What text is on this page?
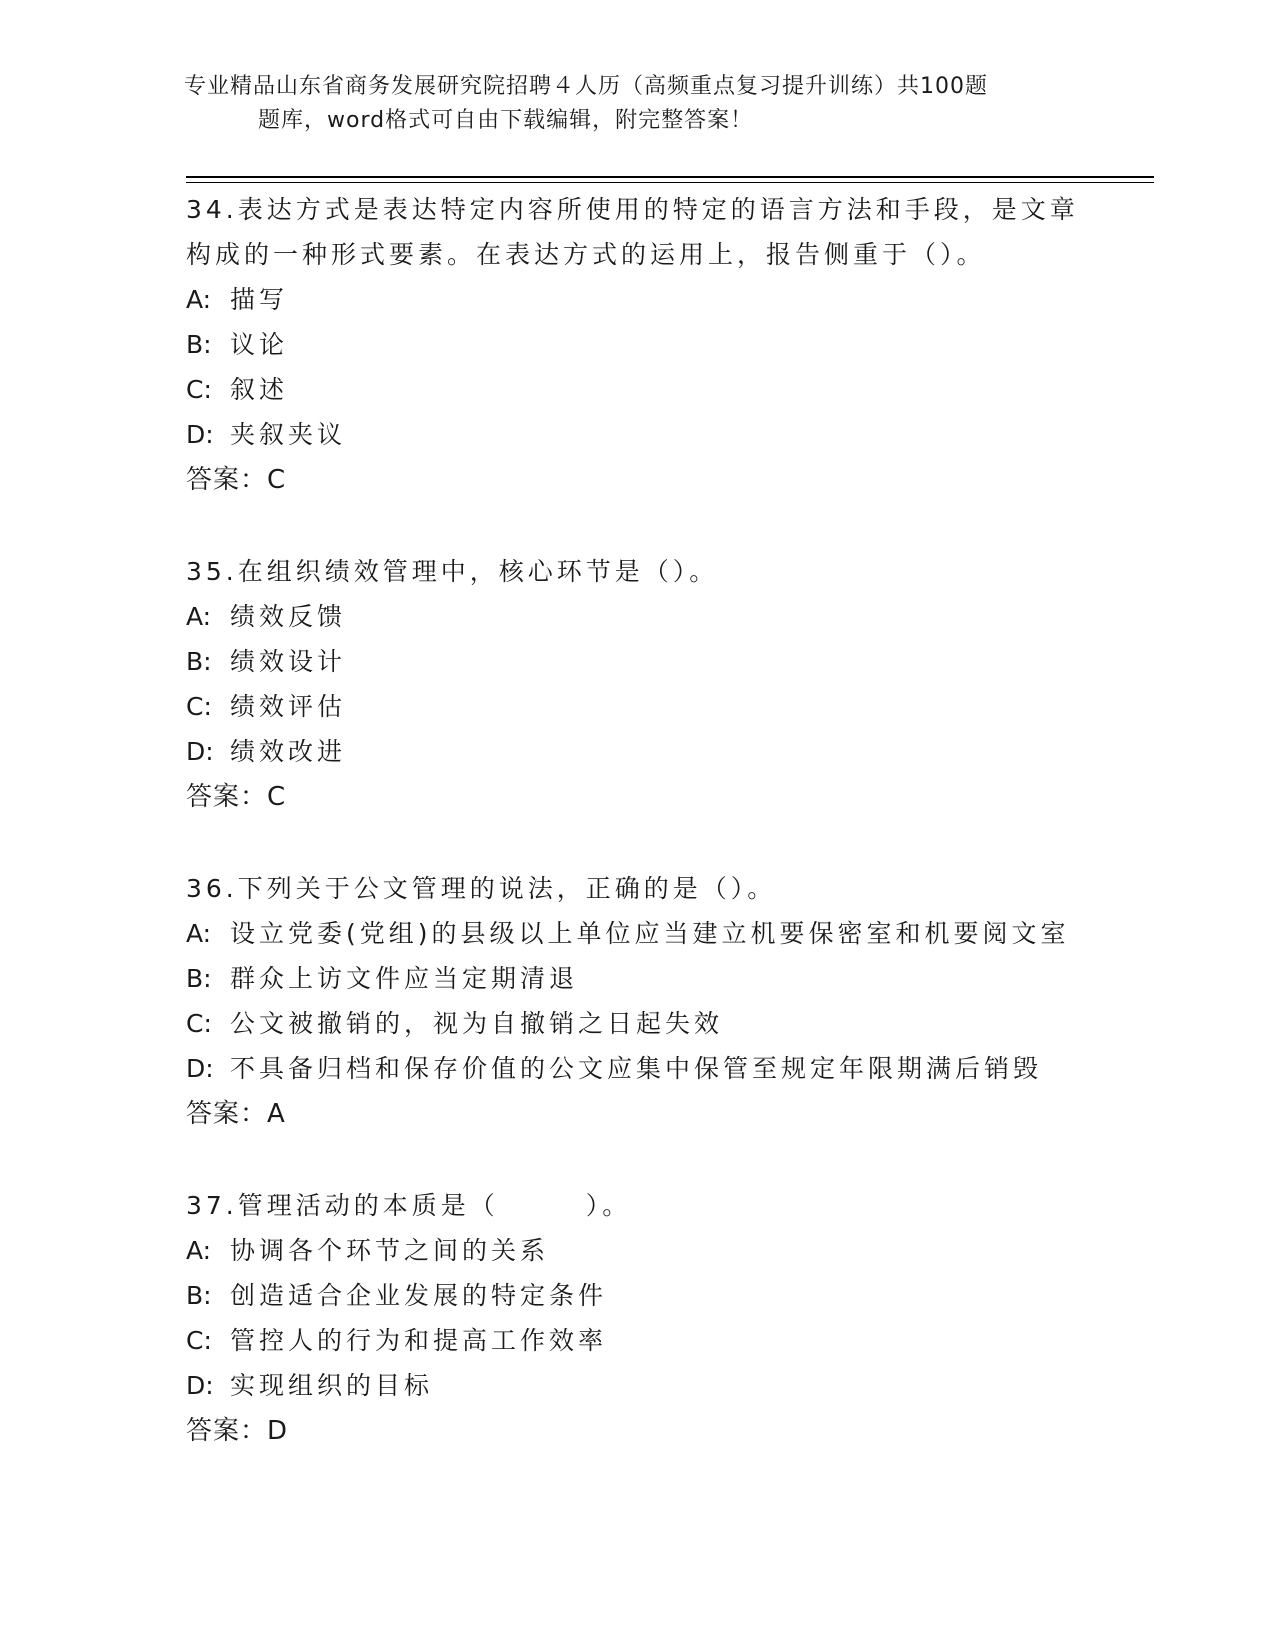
专业精品山东省商务发展研究院招聘４人历（高频重点复习提升训练）共100题
题库，word格式可自由下载编辑，附完整答案！
34.表达方式是表达特定内容所使用的特定的语言方法和手段，是文章
构成的一种形式要素。在表达方式的运用上，报告侧重于（）。
A: 描写
B: 议论
C: 叙述
D: 夹叙夹议
答案：C
35.在组织绩效管理中，核心环节是（）。
A: 绩效反馈
B: 绩效设计
C: 绩效评估
D: 绩效改进
答案：C
36.下列关于公文管理的说法，正确的是（）。
A: 设立党委(党组)的县级以上单位应当建立机要保密室和机要阅文室
B: 群众上访文件应当定期清退
C: 公文被撤销的，视为自撤销之日起失效
D: 不具备归档和保存价值的公文应集中保管至规定年限期满后销毁
答案：A
37.管理活动的本质是（　　　）。
A: 协调各个环节之间的关系
B: 创造适合企业发展的特定条件
C: 管控人的行为和提高工作效率
D: 实现组织的目标
答案：D
